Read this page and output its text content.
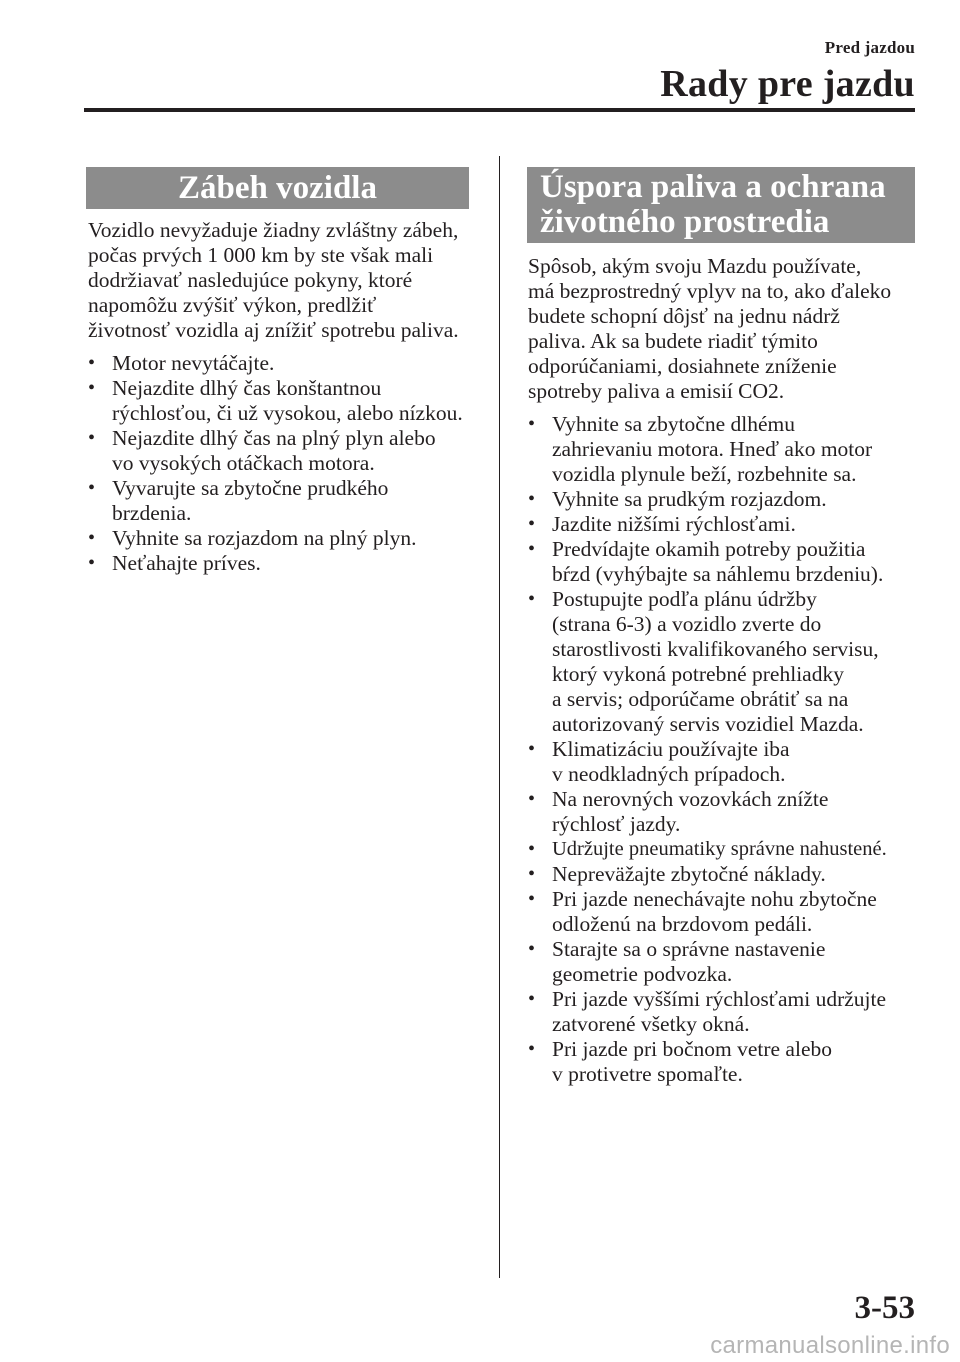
Pred jazdou
Rady pre jazdu
Zábeh vozidla	Úspora paliva a ochrana
životného prostredia

Vozidlo nevyžaduje žiadny zvláštny zábeh,
počas prvých 1 000 km by ste však mali
dodržiavať nasledujúce pokyny, ktoré
napomôžu zvýšiť výkon, predlžiť
životnosť vozidla aj znížiť spotrebu paliva.

• Motor nevytáčajte.
• Nejazdite dlhý čas konštantnou
rýchlosťou, či už vysokou, alebo nízkou.
• Nejazdite dlhý čas na plný plyn alebo
vo vysokých otáčkach motora.
• Vyvarujte sa zbytočne prudkého
brzdenia.
• Vyhnite sa rozjazdom na plný plyn.
• Neťahajte príves.

Spôsob, akým svoju Mazdu používate,
má bezprostredný vplyv na to, ako ďaleko
budete schopní dôjsť na jednu nádrž
paliva. Ak sa budete riadiť týmito
odporúčaniami, dosiahnete zníženie
spotreby paliva a emisií CO2.

• Vyhnite sa zbytočne dlhému
zahrievaniu motora. Hneď ako motor
vozidla plynule beží, rozbehnite sa.
• Vyhnite sa prudkým rozjazdom.
• Jazdite nižšími rýchlosťami.
• Predvídajte okamih potreby použitia
bŕzd (vyhýbajte sa náhlemu brzdeniu).
• Postupujte podľa plánu údržby
(strana 6-3) a vozidlo zverte do
starostlivosti kvalifikovaného servisu,
ktorý vykoná potrebné prehliadky
a servis; odporúčame obrátiť sa na
autorizovaný servis vozidiel Mazda.
• Klimatizáciu používajte iba
v neodkladných prípadoch.
• Na nerovných vozovkách znížte
rýchlosť jazdy.
• Udržujte pneumatiky správne nahustené.
• Nepreväžajte zbytočné náklady.
• Pri jazde nenechávajte nohu zbytočne
odloženú na brzdovom pedáli.
• Starajte sa o správne nastavenie
geometrie podvozka.
• Pri jazde vyššími rýchlosťami udržujte
zatvorené všetky okná.
• Pri jazde pri bočnom vetre alebo
v protivetre spomaľte.
3-53
carmanualsonline.info
